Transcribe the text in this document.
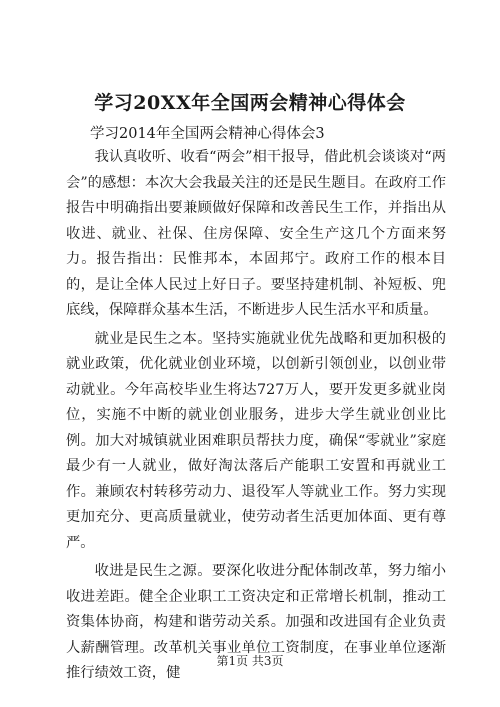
学习20XX年全国两会精神心得体会
学习2014年全国两会精神心得体会3

我认真收听、收看“两会”相干报导，借此机会谈谈对“两会”的感想：本次大会我最关注的还是民生题目。在政府工作报告中明确指出要兼顾做好保障和改善民生工作，并指出从收进、就业、社保、住房保障、安全生产这几个方面来努力。报告指出：民惟邦本，本固邦宁。政府工作的根本目的，是让全体人民过上好日子。要坚持建机制、补短板、兜底线，保障群众基本生活，不断进步人民生活水平和质量。

就业是民生之本。坚持实施就业优先战略和更加积极的就业政策，优化就业创业环境，以创新引领创业，以创业带动就业。今年高校毕业生将达727万人，要开发更多就业岗位，实施不中断的就业创业服务，进步大学生就业创业比例。加大对城镇就业困难职员帮扶力度，确保“零就业”家庭最少有一人就业，做好淘汰落后产能职工安置和再就业工作。兼顾农村转移劳动力、退役军人等就业工作。努力实现更加充分、更高质量就业，使劳动者生活更加体面、更有尊严。

收进是民生之源。要深化收进分配体制改革，努力缩小收进差距。健全企业职工工资决定和正常增长机制，推动工资集体协商，构建和谐劳动关系。加强和改进国有企业负责人薪酬管理。改革机关事业单位工资制度，在事业单位逐渐推行绩效工资，健

第1页 共3页
